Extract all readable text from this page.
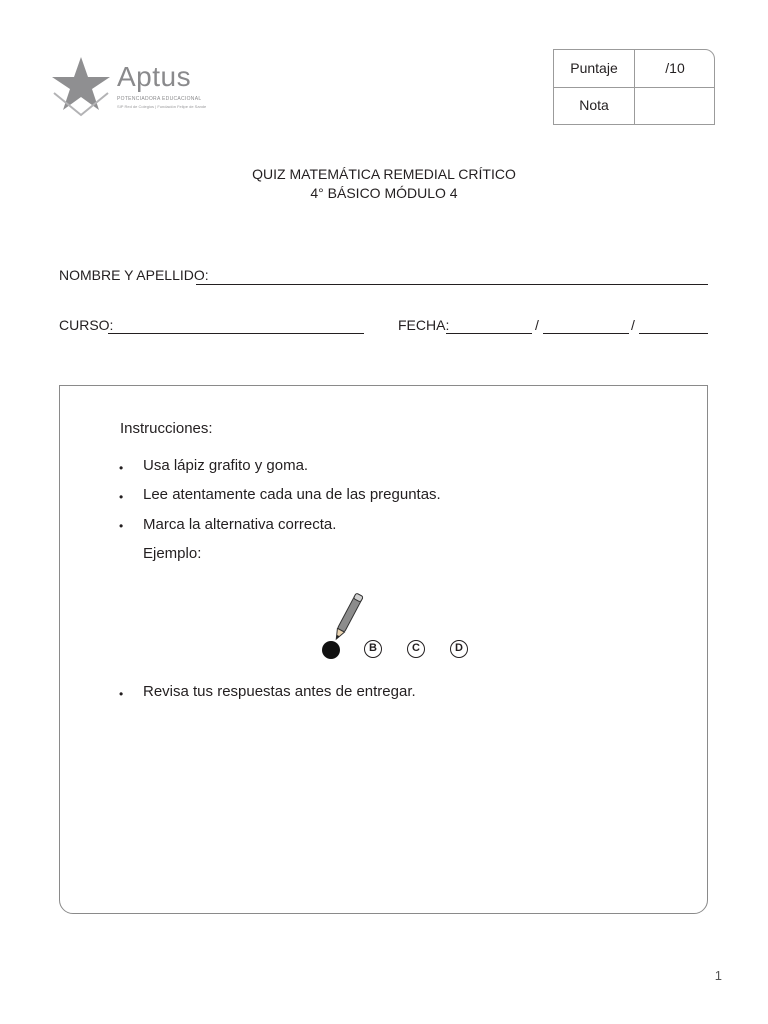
Aptus
POTENCIADORA EDUCACIONAL
SIP Red de Colegios | Fundación Felipe de Sande
Puntaje	/10
Nota
QUIZ MATEMÁTICA REMEDIAL CRÍTICO
4° BÁSICO MÓDULO 4
NOMBRE Y APELLIDO:
CURSO:	FECHA:	/	/
Instrucciones:
• Usa lápiz grafito y goma.
• Lee atentamente cada una de las preguntas.
• Marca la alternativa correcta.
Ejemplo:
B	C	D
• Revisa tus respuestas antes de entregar.
1
